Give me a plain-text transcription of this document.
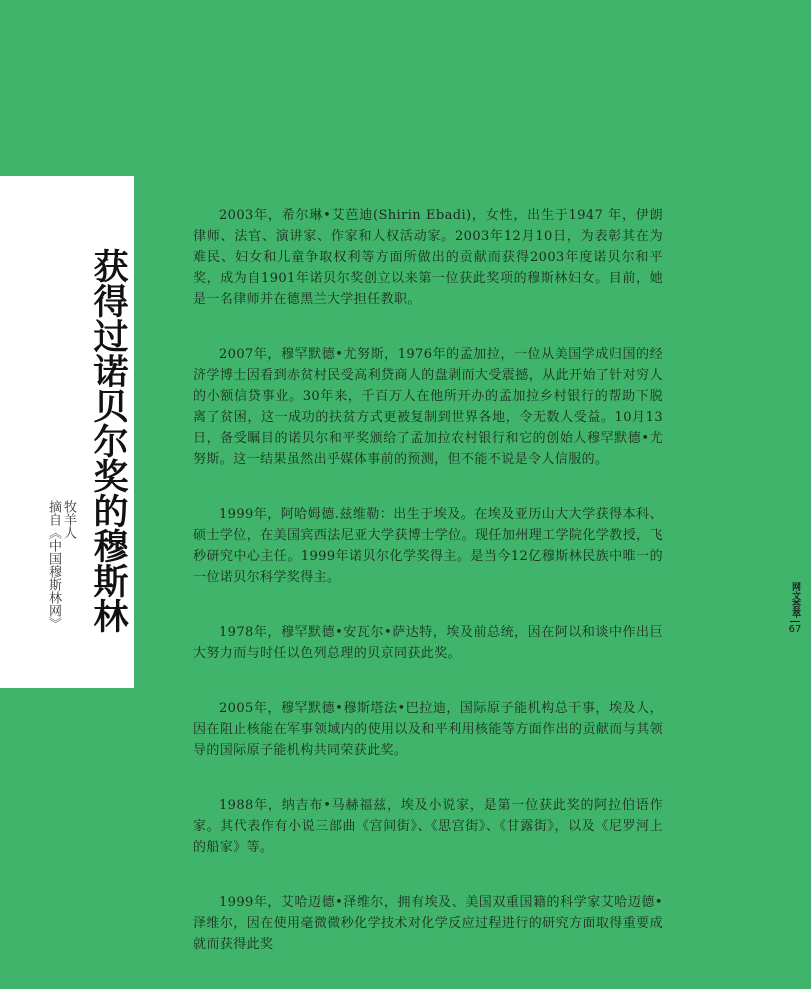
获得过诺贝尔奖的穆斯林
牧羊人
摘自《中国穆斯林网》

2003年，希尔琳•艾芭迪(Shirin Ebadi)，女性，出生于1947 年，伊朗律师、法官、演讲家、作家和人权活动家。2003年12月10日，为表彰其在为难民、妇女和儿童争取权利等方面所做出的贡献而获得2003年度诺贝尔和平奖，成为自1901年诺贝尔奖创立以来第一位获此奖项的穆斯林妇女。目前，她是一名律师并在德黑兰大学担任教职。

2007年，穆罕默德•尤努斯，1976年的孟加拉，一位从美国学成归国的经济学博士因看到赤贫村民受高利贷商人的盘剥而大受震撼，从此开始了针对穷人的小额信贷事业。30年来，千百万人在他所开办的孟加拉乡村银行的帮助下脱离了贫困，这一成功的扶贫方式更被复制到世界各地，令无数人受益。10月13日，备受瞩目的诺贝尔和平奖颁给了孟加拉农村银行和它的创始人穆罕默德•尤努斯。这一结果虽然出乎媒体事前的预测，但不能不说是令人信服的。

1999年，阿哈姆德.兹维勒：出生于埃及。在埃及亚历山大大学获得本科、硕士学位，在美国宾西法尼亚大学获博士学位。现任加州理工学院化学教授，飞秒研究中心主任。1999年诺贝尔化学奖得主。是当今12亿穆斯林民族中唯一的一位诺贝尔科学奖得主。

1978年，穆罕默德•安瓦尔•萨达特，埃及前总统，因在阿以和谈中作出巨大努力而与时任以色列总理的贝京同获此奖。

2005年，穆罕默德•穆斯塔法•巴拉迪，国际原子能机构总干事，埃及人，因在阻止核能在军事领域内的使用以及和平利用核能等方面作出的贡献而与其领导的国际原子能机构共同荣获此奖。

1988年，纳吉布•马赫福兹，埃及小说家，是第一位获此奖的阿拉伯语作家。其代表作有小说三部曲《宫间街》、《思宫街》、《甘露街》，以及《尼罗河上的船家》等。

1999年，艾哈迈德•泽维尔，拥有埃及、美国双重国籍的科学家艾哈迈德•泽维尔，因在使用毫微微秒化学技术对化学反应过程进行的研究方面取得重要成就而获得此奖

网文荟萃
67
